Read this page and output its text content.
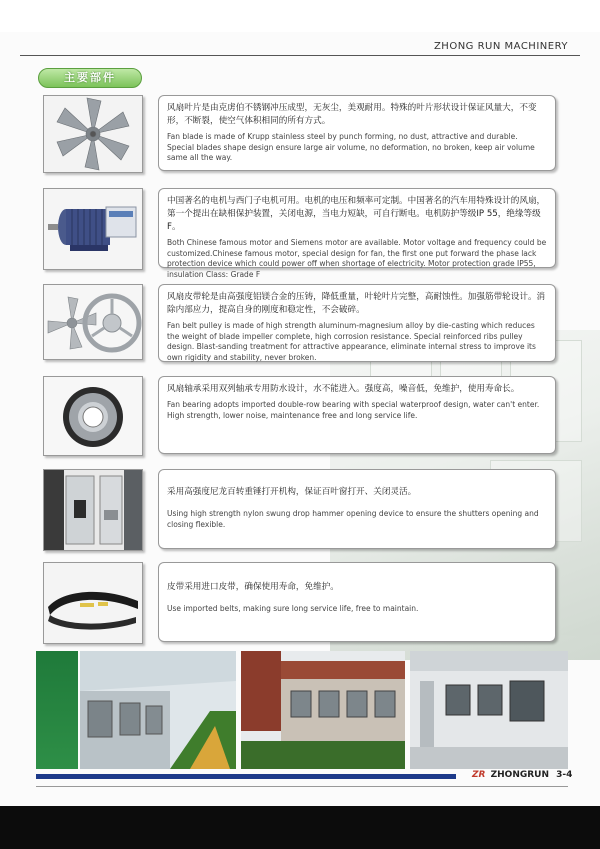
ZHONG RUN MACHINERY
主要部件

风扇叶片是由克虏伯不锈钢冲压成型，无灰尘，美观耐用。特殊的叶片形状设计保证风量大，不变形，不断裂，使空气体积相同的所有方式。

Fan blade is made of Krupp stainless steel by punch forming, no dust, attractive and durable. Special blades shape design ensure large air volume, no deformation, no broken, keep air volume same all the way.

中国著名的电机与西门子电机可用。电机的电压和频率可定制。中国著名的汽车用特殊设计的风扇，第一个提出在缺相保护装置，关闭电源，当电力短缺，可自行断电。电机防护等级IP 55，绝缘等级F。

Both Chinese famous motor and Siemens motor are available. Motor voltage and frequency could be customized.Chinese famous motor, special design for fan, the first one put forward the phase lack protection device which could power off when shortage of electricity. Motor protection grade IP55, insulation Class: Grade F

风扇皮带轮是由高强度铝镁合金的压铸，降低重量，叶轮叶片完整，高耐蚀性。加强筋带轮设计。消除内部应力，提高自身的刚度和稳定性，不会破碎。

Fan belt pulley is made of high strength aluminum-magnesium alloy by die-casting which reduces the weight of blade impeller complete, high corrosion resistance. Special reinforced ribs pulley design. Blast-sanding treatment for attractive appearance, eliminate internal stress to improve its own rigidity and stability, never broken.

风扇轴承采用双列轴承专用防水设计，水不能进入。强度高，噪音低，免维护，使用寿命长。

Fan bearing adopts imported double-row bearing with special waterproof design, water can't enter. High strength, lower noise, maintenance free and long service life.

采用高强度尼龙百转重锤打开机构，保证百叶窗打开、关闭灵活。

Using high strength nylon swung drop hammer opening device to ensure the shutters opening and closing flexible.

皮带采用进口皮带，确保使用寿命，免维护。

Use imported belts, making sure long service life, free to maintain.

ZR ZHONGRUN 3-4
